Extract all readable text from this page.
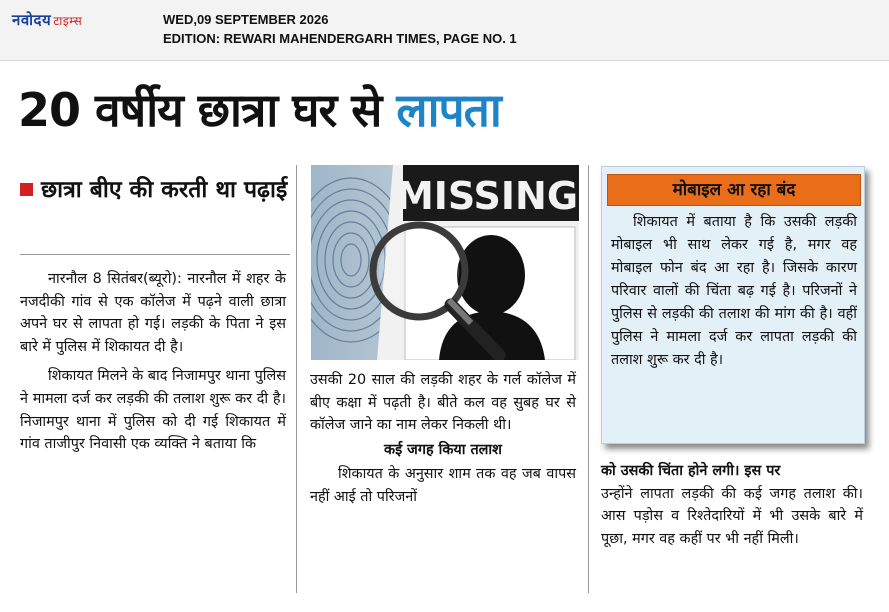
नवोदय टाइम्स	WED,09 SEPTEMBER 2026
EDITION: REWARI MAHENDERGARH TIMES, PAGE NO. 1
20 वर्षीय छात्रा घर से लापता
छात्रा बीए की करती था पढ़ाई

नारनौल 8 सितंबर(ब्यूरो): नारनौल में शहर के नजदीकी गांव से एक कॉलेज में पढ़ने वाली छात्रा अपने घर से लापता हो गई। लड़की के पिता ने इस बारे में पुलिस में शिकायत दी है।

शिकायत मिलने के बाद निजामपुर थाना पुलिस ने मामला दर्ज कर लड़की की तलाश शुरू कर दी है। निजामपुर थाना में पुलिस को दी गई शिकायत में गांव ताजीपुर निवासी एक व्यक्ति ने बताया कि

MISSING

उसकी 20 साल की लड़की शहर के गर्ल कॉलेज में बीए कक्षा में पढ़ती है। बीते कल वह सुबह घर से कॉलेज जाने का नाम लेकर निकली थी।

कई जगह किया तलाश

शिकायत के अनुसार शाम तक वह जब वापस नहीं आई तो परिजनों

मोबाइल आ रहा बंद

शिकायत में बताया है कि उसकी लड़की मोबाइल भी साथ लेकर गई है, मगर वह मोबाइल फोन बंद आ रहा है। जिसके कारण परिवार वालों की चिंता बढ़ गई है। परिजनों ने पुलिस से लड़की की तलाश की मांग की है। वहीं पुलिस ने मामला दर्ज कर लापता लड़की की तलाश शुरू कर दी है।

को उसकी चिंता होने लगी। इस पर
उन्होंने लापता लड़की की कई जगह तलाश की। आस पड़ोस व रिश्तेदारियों में भी उसके बारे में पूछा, मगर वह कहीं पर भी नहीं मिली।
